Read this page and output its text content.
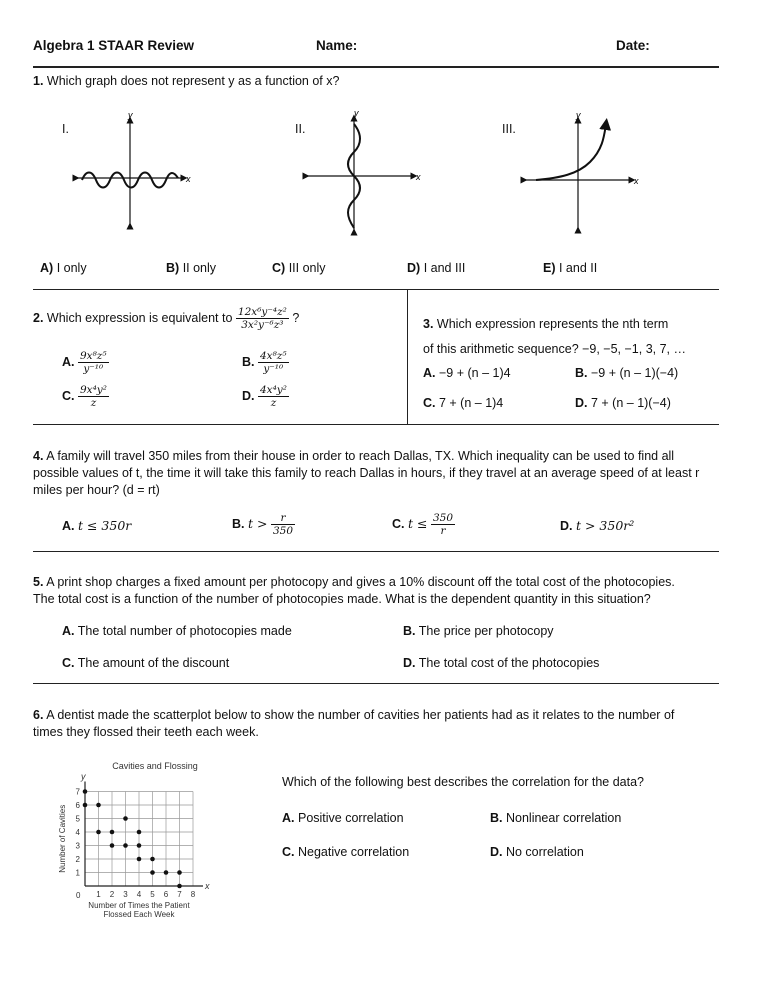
Algebra 1 STAAR Review	Name:	Date:
1. Which graph does not represent y as a function of x?
I.	II.	III.
x
y
x
y
x
y
A) I only	B) II only	C) III only	D) I and III	E) I and II
2. Which expression is equivalent to $\frac{\text{12x⁶y⁻⁴z²}}{\text{3x²y⁻⁶z³}}$ ?
A. $\frac{\text{9x⁸z⁵}}{\text{y⁻¹⁰}}$	B. $\frac{\text{4x⁸z⁵}}{\text{y⁻¹⁰}}$
C. $\frac{\text{9x⁴y²}}{z}$	D. $\frac{\text{4x⁴y²}}{z}$
3. Which expression represents the nth term
of this arithmetic sequence? −9, −5, −1, 3, 7, …
A. −9 + (n – 1)4	B. −9 + (n – 1)(−4)
C. 7 + (n – 1)4	D. 7 + (n – 1)(−4)
4. A family will travel 350 miles from their house in order to reach Dallas, TX. Which inequality can be used to find all
possible values of t, the time it will take this family to reach Dallas in hours, if they travel at an average speed of at least r
miles per hour? (d = rt)
A. t ≤ 350r	B. $t > \frac{r}{350}$	C. $t \le \frac{350}{r}$	D. t > 350r²
5. A print shop charges a fixed amount per photocopy and gives a 10% discount off the total cost of the photocopies.
The total cost is a function of the number of photocopies made. What is the dependent quantity in this situation?
A. The total number of photocopies made	B. The price per photocopy
C. The amount of the discount	D. The total cost of the photocopies
6. A dentist made the scatterplot below to show the number of cavities her patients had as it relates to the number of
times they flossed their teeth each week.
Cavities and Flossing
1 2 3 4 5 6 7 8
1
2
3
4
5
6
7
y
x
0
Number of Cavities
Number of Times the Patient
Flossed Each Week
Which of the following best describes the correlation for the data?
A. Positive correlation	B. Nonlinear correlation
C. Negative correlation	D. No correlation
